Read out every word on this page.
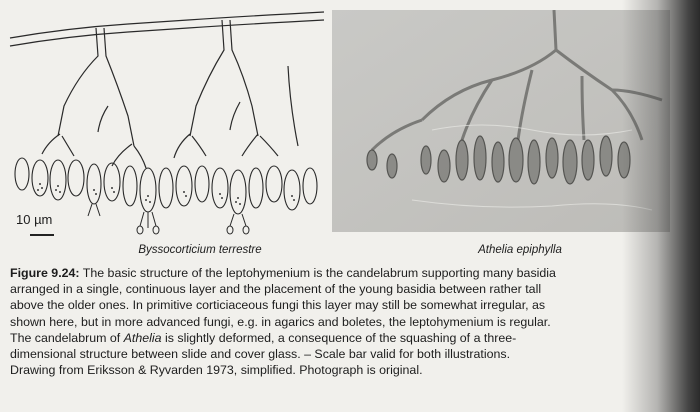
10 µm
Byssocorticium terrestre	Athelia epiphylla

Figure 9.24: The basic structure of the leptohymenium is the candelabrum supporting many basidia

arranged in a single, continuous layer and the placement of the young basidia between rather tall

above the older ones. In primitive corticiaceous fungi this layer may still be somewhat irregular, as

shown here, but in more advanced fungi, e.g. in agarics and boletes, the leptohymenium is regular.

The candelabrum of Athelia is slightly deformed, a consequence of the squashing of a three-

dimensional structure between slide and cover glass. – Scale bar valid for both illustrations.

Drawing from Eriksson & Ryvarden 1973, simplified. Photograph is original.
